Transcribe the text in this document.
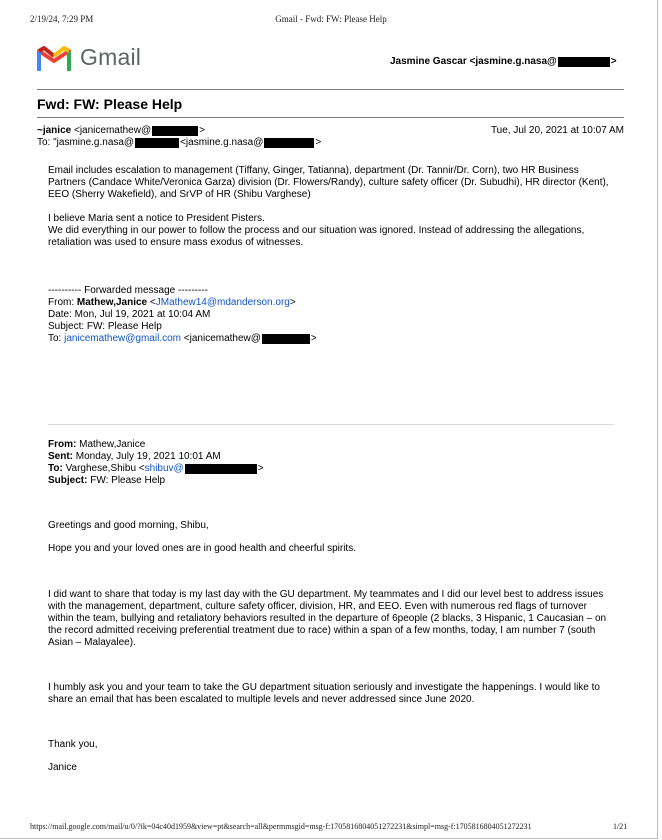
2/19/24, 7:29 PM	Gmail - Fwd: FW: Please Help
Gmail	Jasmine Gascar <jasmine.g.nasa@	>
Fwd: FW: Please Help
~janice
<janicemathew@	>	Tue, Jul 20, 2021 at 10:07 AM
To:
"jasmine.g.nasa@	<jasmine.g.nasa@	>
Email includes escalation to management (Tiffany, Ginger, Tatianna), department (Dr. Tannir/Dr. Corn), two HR Business Partners (Candace White/Veronica Garza) division (Dr. Flowers/Randy), culture safety officer (Dr. Subudhi), HR director (Kent), EEO (Sherry Wakefield), and SrVP of HR (Shibu Varghese)

I believe Maria sent a notice to President Pisters.

We did everything in our power to follow the process and our situation was ignored. Instead of addressing the allegations, retaliation was used to ensure mass exodus of witnesses.

---------- Forwarded message ---------

From:
Mathew,Janice
< JMathew14@mdanderson.org >

Date: Mon, Jul 19, 2021 at 10:04 AM

Subject: FW: Please Help

To:
janicemathew@gmail.com
<janicemathew@	>
From:
Mathew,Janice
Sent:
Monday, July 19, 2021 10:01 AM
To:
Varghese,Shibu < shibuv@	>
Subject:
FW: Please Help
Greetings and good morning, Shibu,
Hope you and your loved ones are in good health and cheerful spirits.
I did want to share that today is my last day with the GU department. My teammates and I did our level best to address issues with the management, department, culture safety officer, division, HR, and EEO. Even with numerous red flags of turnover within the team, bullying and retaliatory behaviors resulted in the departure of 6people (2 blacks, 3 Hispanic, 1 Caucasian – on the record admitted receiving preferential treatment due to race) within a span of a few months, today, I am number 7 (south Asian – Malayalee).
I humbly ask you and your team to take the GU department situation seriously and investigate the happenings. I would like to share an email that has been escalated to multiple levels and never addressed since June 2020.
Thank you,
Janice
https://mail.google.com/mail/u/0/?ik=04c40d1959&view=pt&search=all&permmsgid=msg-f:1705816804051272231&simpl=msg-f:1705816804051272231	1/21
